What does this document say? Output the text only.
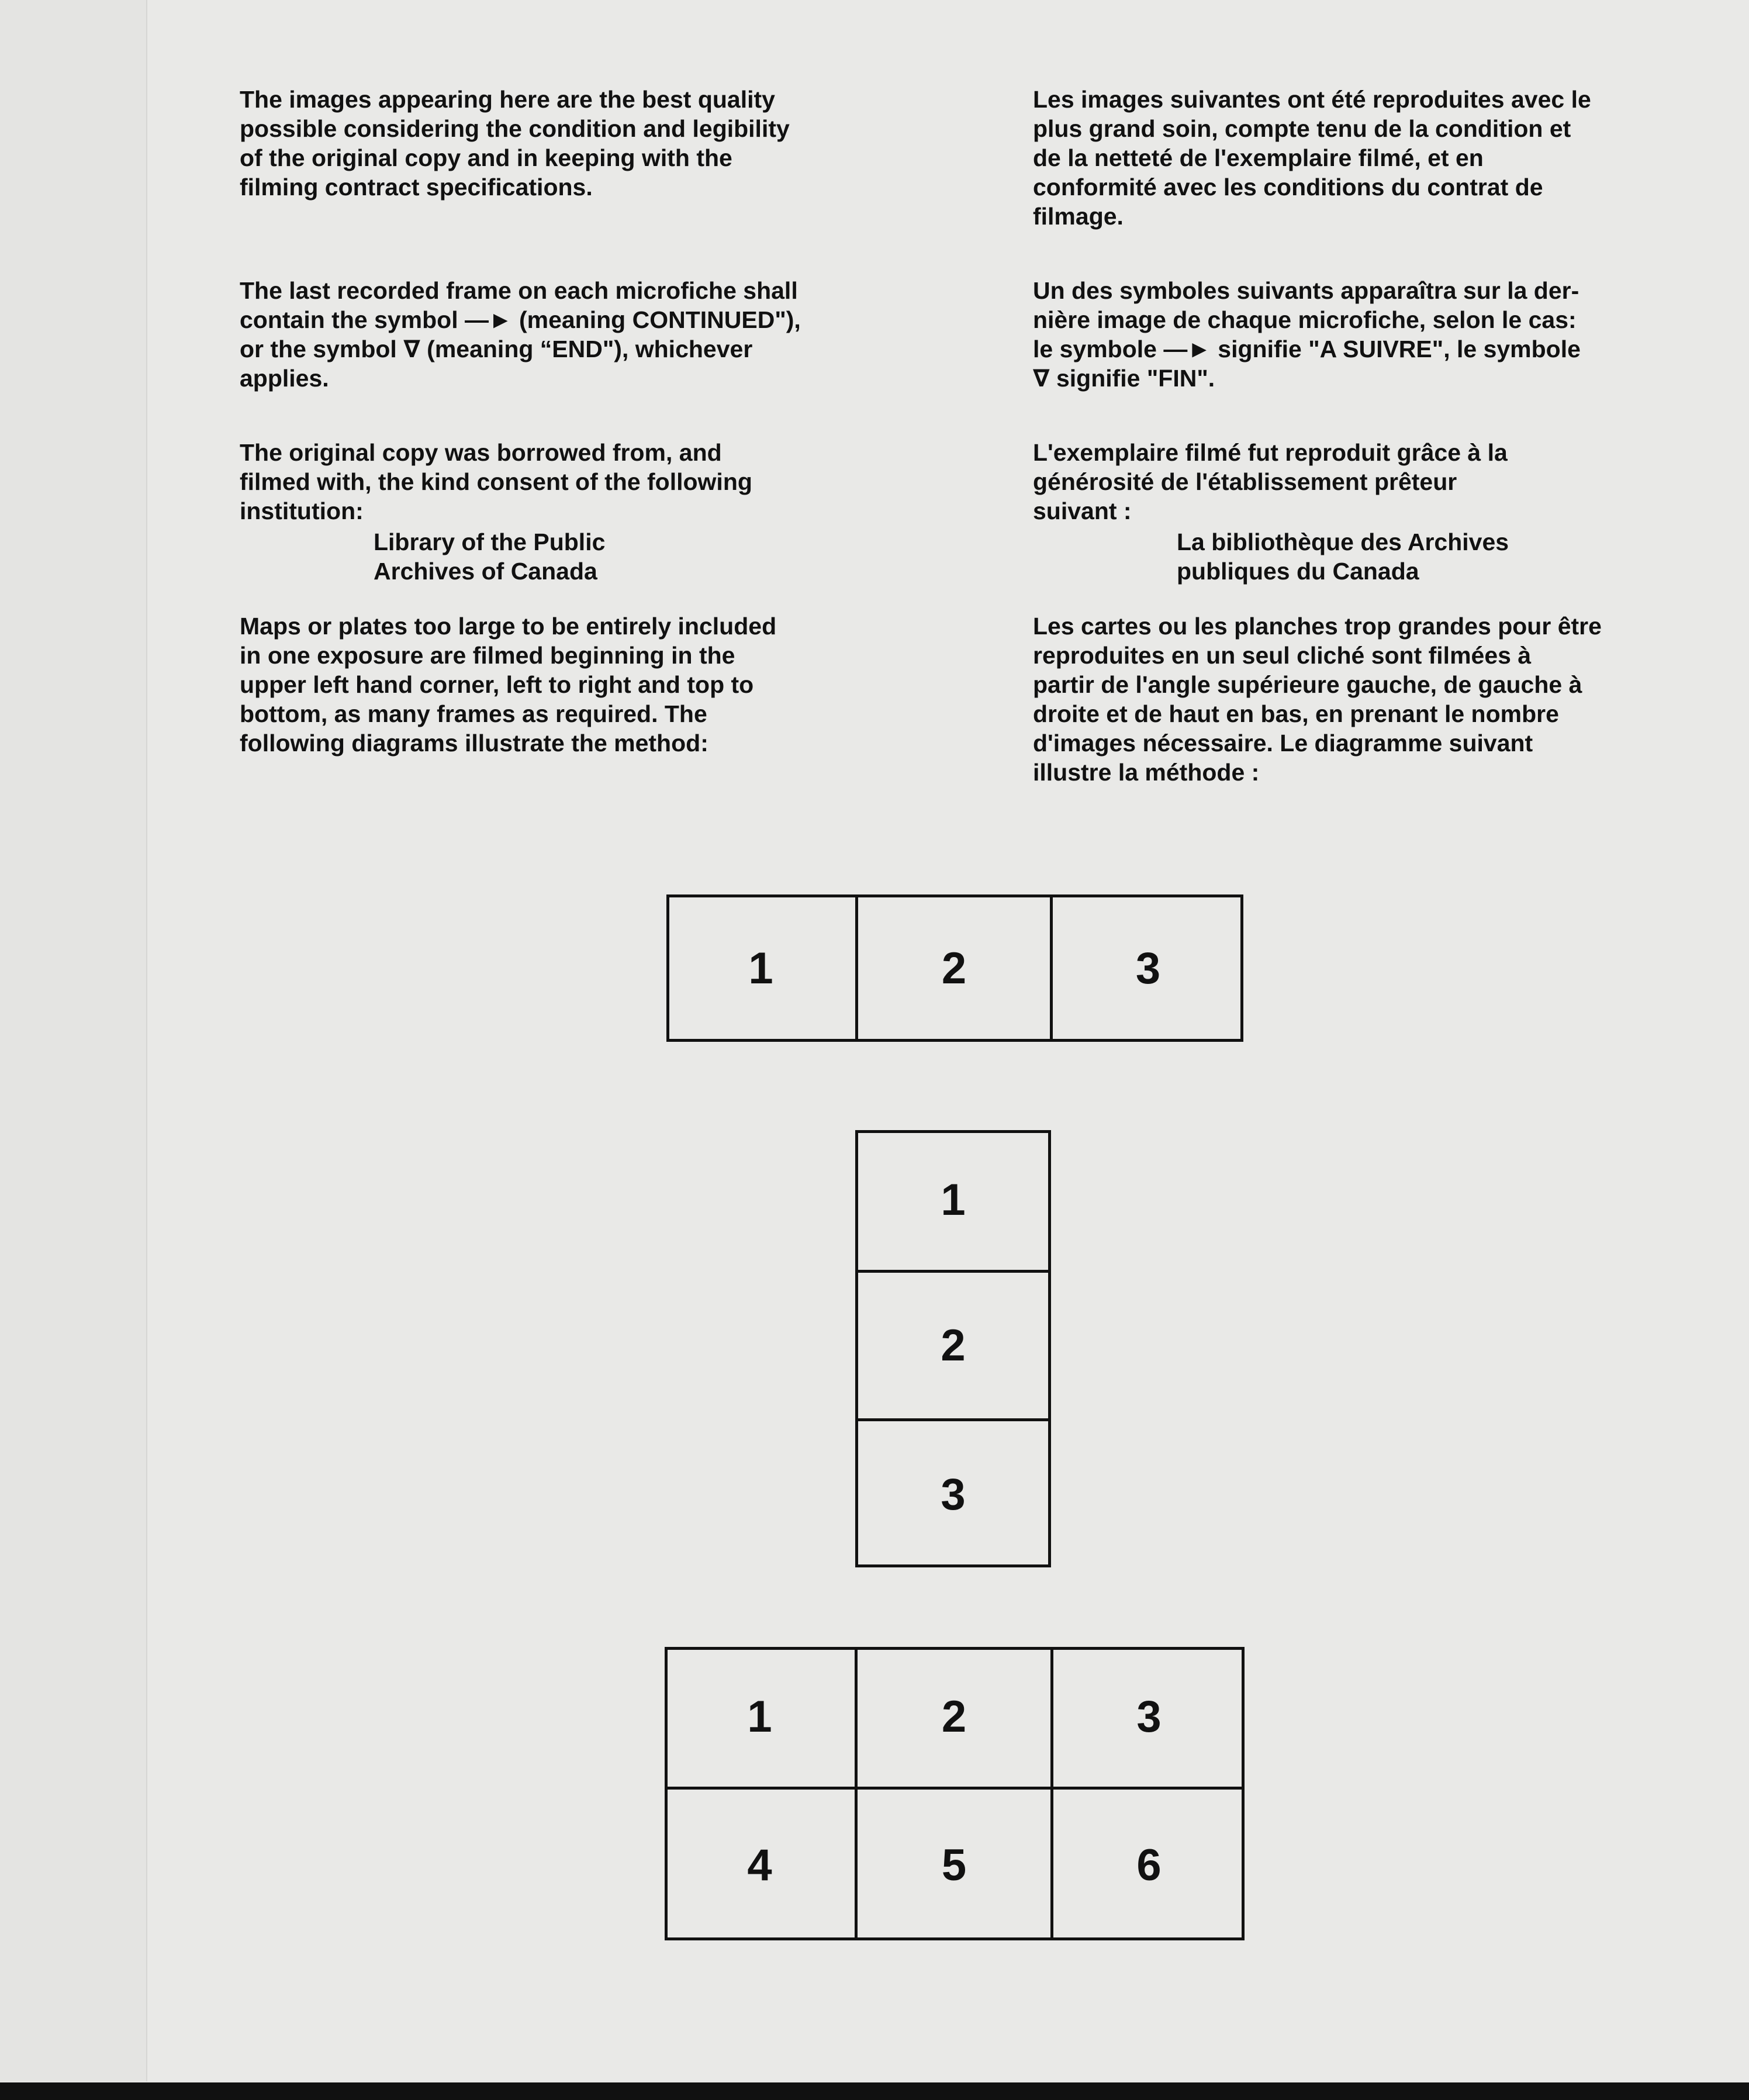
The images appearing here are the best quality
possible considering the condition and legibility
of the original copy and in keeping with the
filming contract specifications.
The last recorded frame on each microfiche shall
contain the symbol —► (meaning CONTINUED"),
or the symbol ∇ (meaning “END"), whichever
applies.
The original copy was borrowed from, and
filmed with, the kind consent of the following
institution:
Library of the Public
Archives of Canada
Maps or plates too large to be entirely included
in one exposure are filmed beginning in the
upper left hand corner, left to right and top to
bottom, as many frames as required. The
following diagrams illustrate the method:
Les images suivantes ont été reproduites avec le
plus grand soin, compte tenu de la condition et
de la netteté de l'exemplaire filmé, et en
conformité avec les conditions du contrat de
filmage.
Un des symboles suivants apparaîtra sur la der-
nière image de chaque microfiche, selon le cas:
le symbole —► signifie "A SUIVRE", le symbole
∇ signifie "FIN".
L'exemplaire filmé fut reproduit grâce à la
générosité de l'établissement prêteur
suivant :
La bibliothèque des Archives
publiques du Canada
Les cartes ou les planches trop grandes pour être
reproduites en un seul cliché sont filmées à
partir de l'angle supérieure gauche, de gauche à
droite et de haut en bas, en prenant le nombre
d'images nécessaire. Le diagramme suivant
illustre la méthode :
1	2	3
1
2
3
1	2	3
4	5	6
